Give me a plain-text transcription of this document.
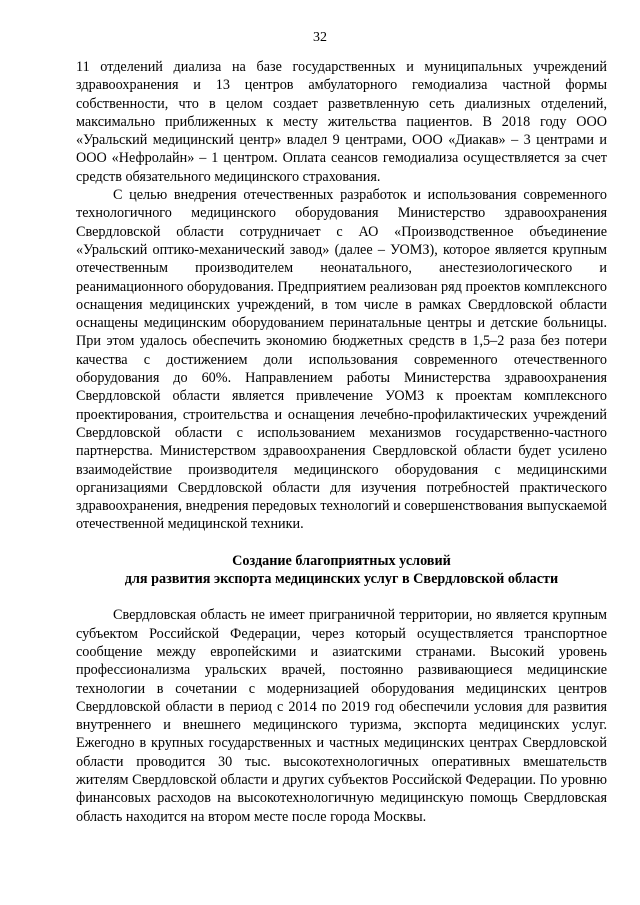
32

11 отделений диализа на базе государственных и муниципальных учреждений здравоохранения и 13 центров амбулаторного гемодиализа частной формы собственности, что в целом создает разветвленную сеть диализных отделений, максимально приближенных к месту жительства пациентов. В 2018 году ООО «Уральский медицинский центр» владел 9 центрами, ООО «Диакав» – 3 центрами и ООО «Нефролайн» – 1 центром. Оплата сеансов гемодиализа осуществляется за счет средств обязательного медицинского страхования.

С целью внедрения отечественных разработок и использования современного технологичного медицинского оборудования Министерство здравоохранения Свердловской области сотрудничает с АО «Производственное объединение «Уральский оптико-механический завод» (далее – УОМЗ), которое является крупным отечественным производителем неонатального, анестезиологического и реанимационного оборудования. Предприятием реализован ряд проектов комплексного оснащения медицинских учреждений, в том числе в рамках Свердловской области оснащены медицинским оборудованием перинатальные центры и детские больницы. При этом удалось обеспечить экономию бюджетных средств в 1,5–2 раза без потери качества с достижением доли использования современного отечественного оборудования до 60%. Направлением работы Министерства здравоохранения Свердловской области является привлечение УОМЗ к проектам комплексного проектирования, строительства и оснащения лечебно-профилактических учреждений Свердловской области с использованием механизмов государственно-частного партнерства. Министерством здравоохранения Свердловской области будет усилено взаимодействие производителя медицинского оборудования с медицинскими организациями Свердловской области для изучения потребностей практического здравоохранения, внедрения передовых технологий и совершенствования выпускаемой отечественной медицинской техники.

Создание благоприятных условий
для развития экспорта медицинских услуг в Свердловской области

Свердловская область не имеет приграничной территории, но является крупным субъектом Российской Федерации, через который осуществляется транспортное сообщение между европейскими и азиатскими странами. Высокий уровень профессионализма уральских врачей, постоянно развивающиеся медицинские технологии в сочетании с модернизацией оборудования медицинских центров Свердловской области в период с 2014 по 2019 год обеспечили условия для развития внутреннего и внешнего медицинского туризма, экспорта медицинских услуг. Ежегодно в крупных государственных и частных медицинских центрах Свердловской области проводится 30 тыс. высокотехнологичных оперативных вмешательств жителям Свердловской области и других субъектов Российской Федерации. По уровню финансовых расходов на высокотехнологичную медицинскую помощь Свердловская область находится на втором месте после города Москвы.
